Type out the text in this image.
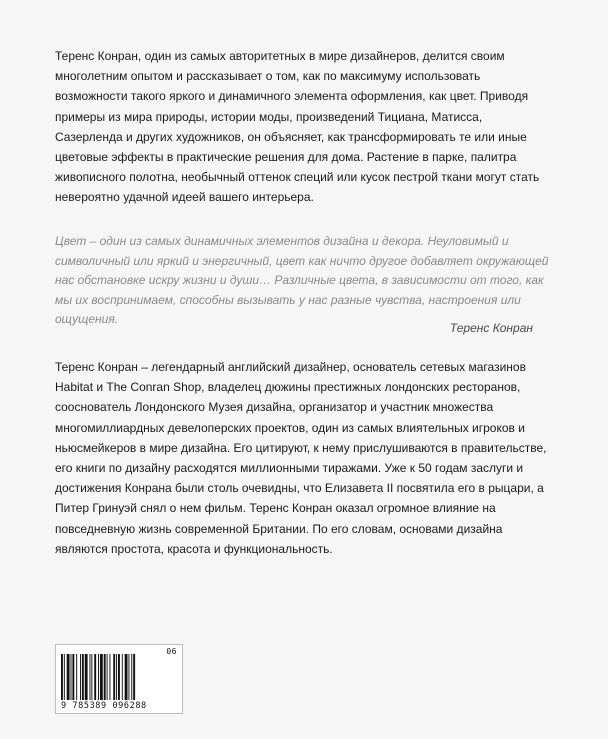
Теренс Конран, один из самых авторитетных в мире дизайнеров, делится своим многолетним опытом и рассказывает о том, как по максимуму использовать возможности такого яркого и динамичного элемента оформления, как цвет. Приводя примеры из мира природы, истории моды, произведений Тициана, Матисса, Сазерленда и других художников, он объясняет, как трансформировать те или иные цветовые эффекты в практические решения для дома. Растение в парке, палитра живописного полотна, необычный оттенок специй или кусок пестрой ткани могут стать невероятно удачной идеей вашего интерьера.

Цвет – один из самых динамичных элементов дизайна и декора. Неуловимый и символичный или яркий и энергичный, цвет как ничто другое добавляет окружающей нас обстановке искру жизни и души… Различные цвета, в зависимости от того, как мы их воспринимаем, способны вызывать у нас разные чувства, настроения или ощущения.

Теренс Конран

Теренс Конран – легендарный английский дизайнер, основатель сетевых магазинов Habitat и The Conran Shop, владелец дюжины престижных лондонских ресторанов, сооснователь Лондонского Музея дизайна, организатор и участник множества многомиллиардных девелоперских проектов, один из самых влиятельных игроков и ньюсмейкеров в мире дизайна. Его цитируют, к нему прислушиваются в правительстве, его книги по дизайну расходятся миллионными тиражами. Уже к 50 годам заслуги и достижения Конрана были столь очевидны, что Елизавета II посвятила его в рыцари, а Питер Гринуэй снял о нем фильм. Теренс Конран оказал огромное влияние на повседневную жизнь современной Британии. По его словам, основами дизайна являются простота, красота и функциональность.

06
9 785389 096288
